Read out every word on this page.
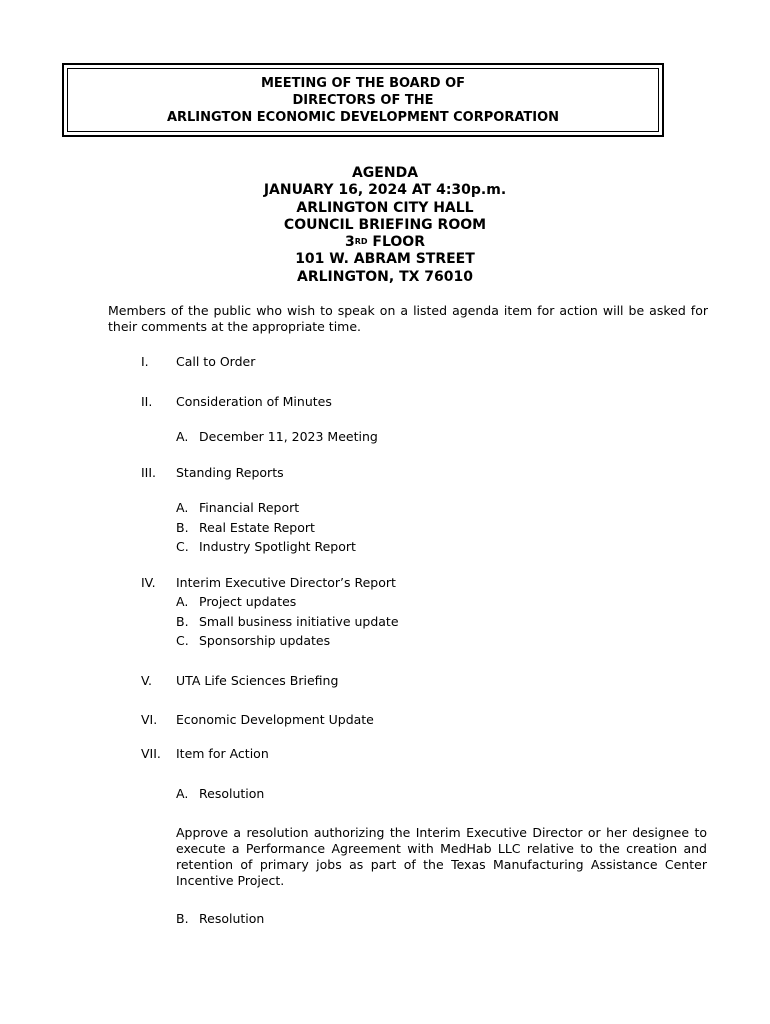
MEETING OF THE BOARD OF
DIRECTORS OF THE
ARLINGTON ECONOMIC DEVELOPMENT CORPORATION
AGENDA
JANUARY 16, 2024 AT 4:30p.m.
ARLINGTON CITY HALL
COUNCIL BRIEFING ROOM
3RD FLOOR
101 W. ABRAM STREET
ARLINGTON, TX 76010
Members of the public who wish to speak on a listed agenda item for action will be asked for their comments at the appropriate time.
I. Call to Order
II. Consideration of Minutes
A. December 11, 2023 Meeting
III. Standing Reports
A. Financial Report
B. Real Estate Report
C. Industry Spotlight Report
IV. Interim Executive Director’s Report
A. Project updates
B. Small business initiative update
C. Sponsorship updates
V. UTA Life Sciences Briefing
VI. Economic Development Update
VII. Item for Action
A. Resolution
Approve a resolution authorizing the Interim Executive Director or her designee to execute a Performance Agreement with MedHab LLC relative to the creation and retention of primary jobs as part of the Texas Manufacturing Assistance Center Incentive Project.
B. Resolution
